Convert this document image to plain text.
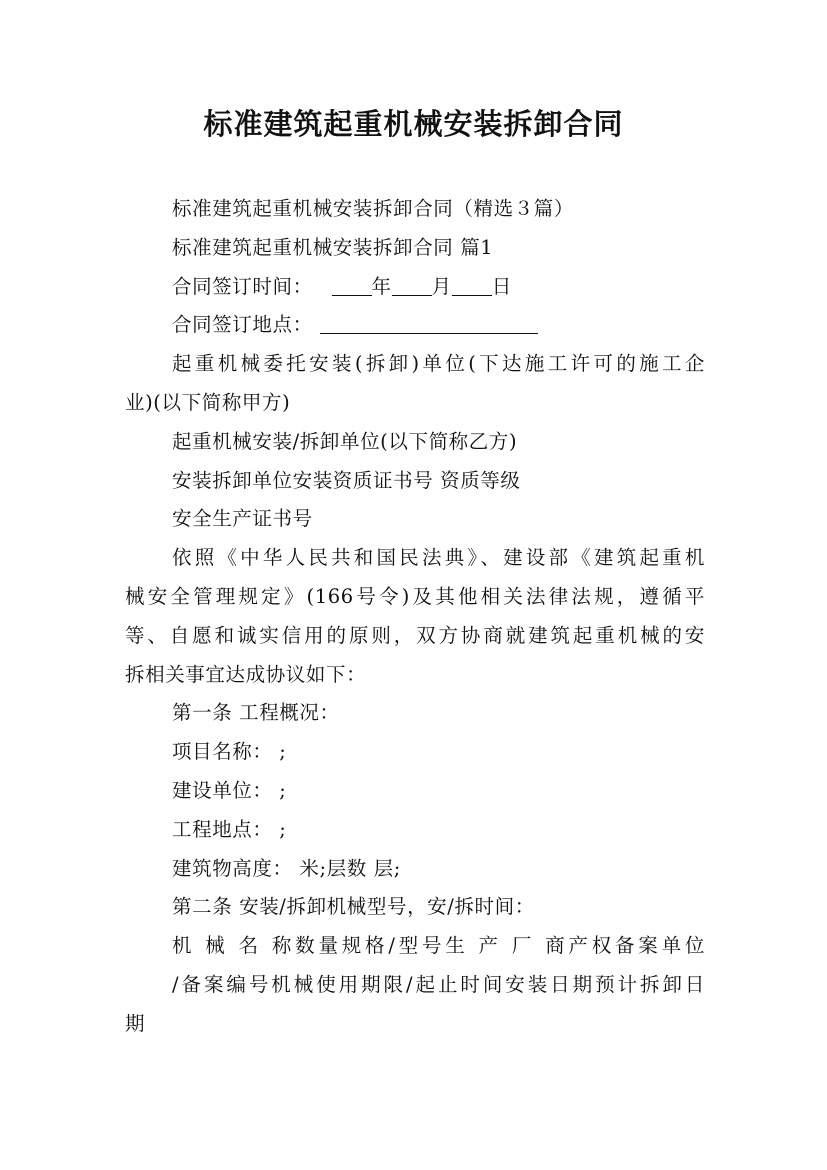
标准建筑起重机械安装拆卸合同
标准建筑起重机械安装拆卸合同（精选３篇）
标准建筑起重机械安装拆卸合同 篇1
合同签订时间：	年 月 日
合同签订地点：
起重机械委托安装(拆卸)单位(下达施工许可的施工企
业)(以下简称甲方)
起重机械安装/拆卸单位(以下简称乙方)
安装拆卸单位安装资质证书号 资质等级
安全生产证书号
依照《中华人民共和国民法典》、建设部《建筑起重机
械安全管理规定》(166号令)及其他相关法律法规，遵循平
等、自愿和诚实信用的原则，双方协商就建筑起重机械的安
拆相关事宜达成协议如下：
第一条 工程概况：
项目名称： ;
建设单位： ;
工程地点： ;
建筑物高度： 米;层数 层;
第二条 安装/拆卸机械型号，安/拆时间：
机 械 名 称数量规格/型号生 产 厂 商产权备案单位
/备案编号机械使用期限/起止时间安装日期预计拆卸日
期
